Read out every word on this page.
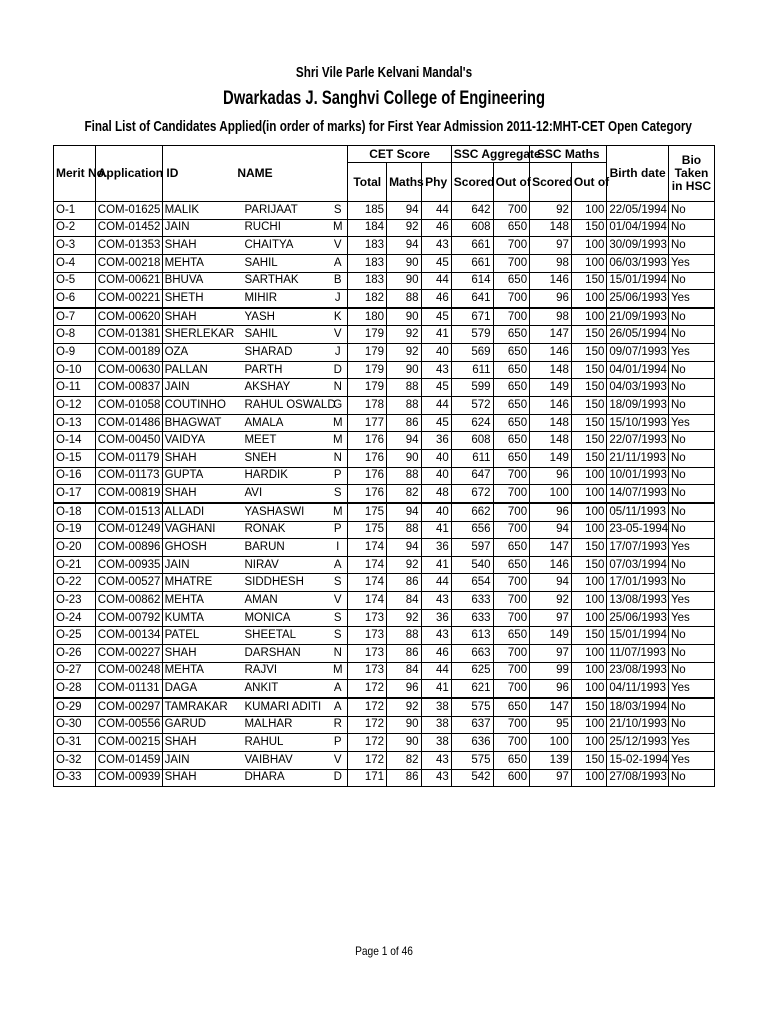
Shri Vile Parle Kelvani Mandal's
Dwarkadas J. Sanghvi College of Engineering
Final List of Candidates Applied(in order of marks) for First Year Admission 2011-12:MHT-CET Open Category
Merit No.	Application ID	NAME			CET Score			SSC Aggregate		SSC Maths		Birth date	Bio Taken in HSC
					Total	Maths	Phy	Scored	Out of	Scored	Out of		
O-1	COM-01625	MALIK	PARIJAAT	S	185	94	44	642	700	92	100	22/05/1994	No
O-2	COM-01452	JAIN	RUCHI	M	184	92	46	608	650	148	150	01/04/1994	No
O-3	COM-01353	SHAH	CHAITYA	V	183	94	43	661	700	97	100	30/09/1993	No
O-4	COM-00218	MEHTA	SAHIL	A	183	90	45	661	700	98	100	06/03/1993	Yes
O-5	COM-00621	BHUVA	SARTHAK	B	183	90	44	614	650	146	150	15/01/1994	No
O-6	COM-00221	SHETH	MIHIR	J	182	88	46	641	700	96	100	25/06/1993	Yes
O-7	COM-00620	SHAH	YASH	K	180	90	45	671	700	98	100	21/09/1993	No
O-8	COM-01381	SHERLEKAR	SAHIL	V	179	92	41	579	650	147	150	26/05/1994	No
O-9	COM-00189	OZA	SHARAD	J	179	92	40	569	650	146	150	09/07/1993	Yes
O-10	COM-00630	PALLAN	PARTH	D	179	90	43	611	650	148	150	04/01/1994	No
O-11	COM-00837	JAIN	AKSHAY	N	179	88	45	599	650	149	150	04/03/1993	No
O-12	COM-01058	COUTINHO	RAHUL OSWALD	G	178	88	44	572	650	146	150	18/09/1993	No
O-13	COM-01486	BHAGWAT	AMALA	M	177	86	45	624	650	148	150	15/10/1993	Yes
O-14	COM-00450	VAIDYA	MEET	M	176	94	36	608	650	148	150	22/07/1993	No
O-15	COM-01179	SHAH	SNEH	N	176	90	40	611	650	149	150	21/11/1993	No
O-16	COM-01173	GUPTA	HARDIK	P	176	88	40	647	700	96	100	10/01/1993	No
O-17	COM-00819	SHAH	AVI	S	176	82	48	672	700	100	100	14/07/1993	No
O-18	COM-01513	ALLADI	YASHASWI	M	175	94	40	662	700	96	100	05/11/1993	No
O-19	COM-01249	VAGHANI	RONAK	P	175	88	41	656	700	94	100	23-05-1994	No
O-20	COM-00896	GHOSH	BARUN	I	174	94	36	597	650	147	150	17/07/1993	Yes
O-21	COM-00935	JAIN	NIRAV	A	174	92	41	540	650	146	150	07/03/1994	No
O-22	COM-00527	MHATRE	SIDDHESH	S	174	86	44	654	700	94	100	17/01/1993	No
O-23	COM-00862	MEHTA	AMAN	V	174	84	43	633	700	92	100	13/08/1993	Yes
O-24	COM-00792	KUMTA	MONICA	S	173	92	36	633	700	97	100	25/06/1993	Yes
O-25	COM-00134	PATEL	SHEETAL	S	173	88	43	613	650	149	150	15/01/1994	No
O-26	COM-00227	SHAH	DARSHAN	N	173	86	46	663	700	97	100	11/07/1993	No
O-27	COM-00248	MEHTA	RAJVI	M	173	84	44	625	700	99	100	23/08/1993	No
O-28	COM-01131	DAGA	ANKIT	A	172	96	41	621	700	96	100	04/11/1993	Yes
O-29	COM-00297	TAMRAKAR	KUMARI ADITI	A	172	92	38	575	650	147	150	18/03/1994	No
O-30	COM-00556	GARUD	MALHAR	R	172	90	38	637	700	95	100	21/10/1993	No
O-31	COM-00215	SHAH	RAHUL	P	172	90	38	636	700	100	100	25/12/1993	Yes
O-32	COM-01459	JAIN	VAIBHAV	V	172	82	43	575	650	139	150	15-02-1994	Yes
O-33	COM-00939	SHAH	DHARA	D	171	86	43	542	600	97	100	27/08/1993	No
Page 1 of 46
